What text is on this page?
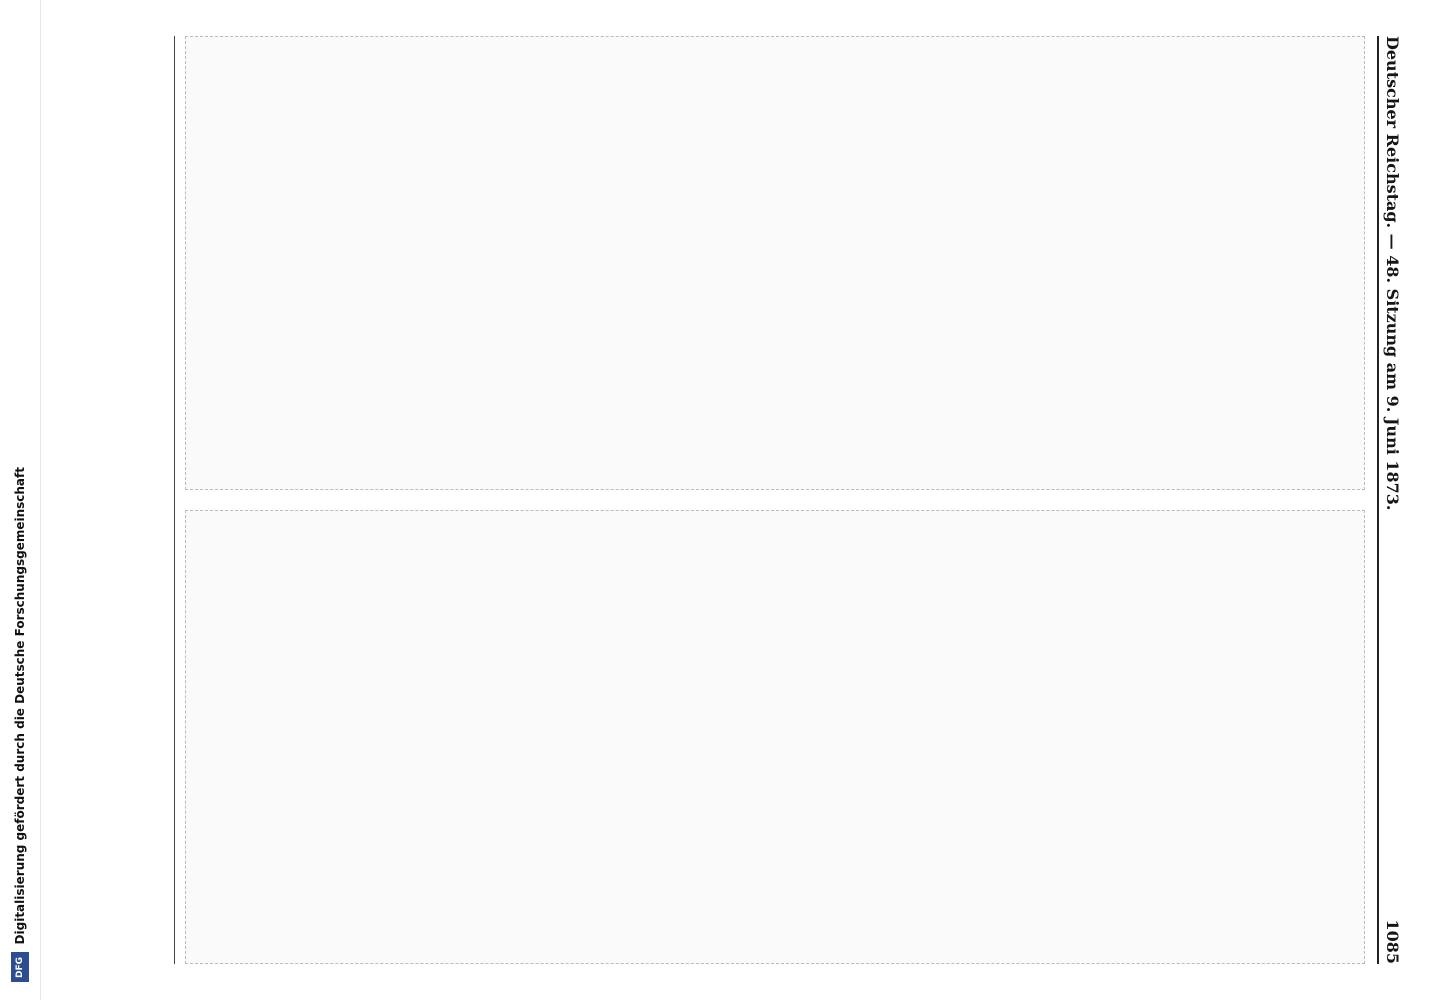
Digitalisierung gefördert durch die Deutsche Forschungsgemeinschaft
DFG
Deutscher Reichstag. — 48. Sitzung am 9. Juni 1873.
1085
